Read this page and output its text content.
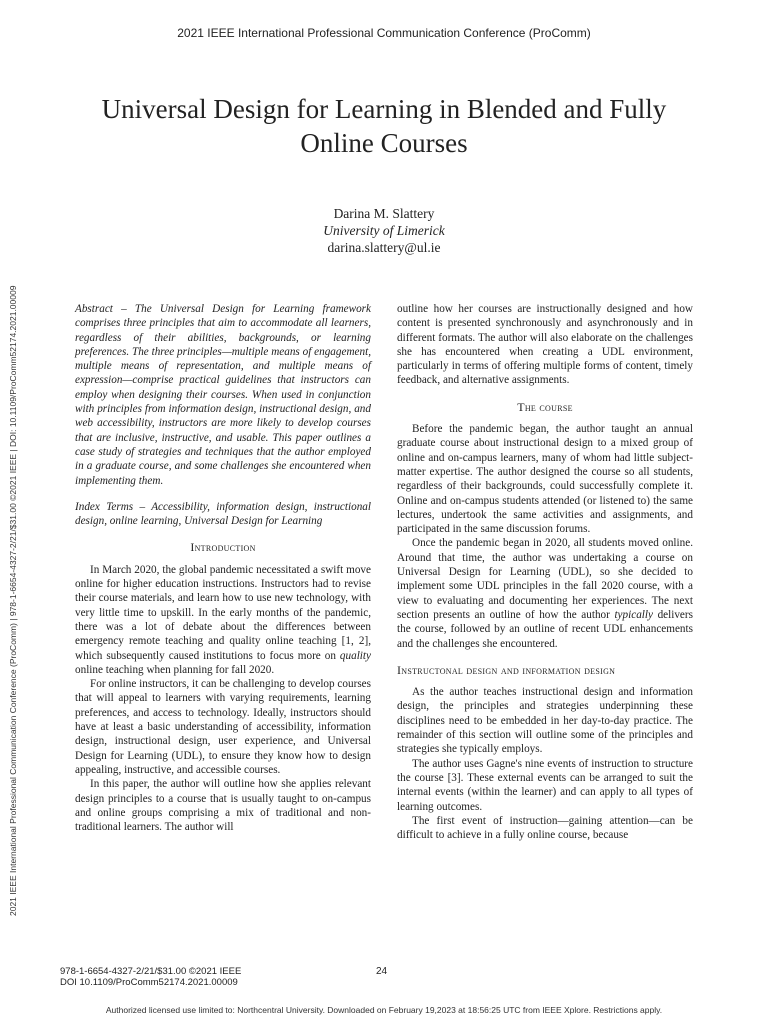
2021 IEEE International Professional Communication Conference (ProComm)
2021 IEEE International Professional Communication Conference (ProComm) | 978-1-6654-4327-2/21/$31.00 ©2021 IEEE | DOI: 10.1109/ProComm52174.2021.00009
Universal Design for Learning in Blended and Fully Online Courses
Darina M. Slattery
University of Limerick
darina.slattery@ul.ie

Abstract – The Universal Design for Learning framework comprises three principles that aim to accommodate all learners, regardless of their abilities, backgrounds, or learning preferences. The three principles—multiple means of engagement, multiple means of representation, and multiple means of expression—comprise practical guidelines that instructors can employ when designing their courses. When used in conjunction with principles from information design, instructional design, and web accessibility, instructors are more likely to develop courses that are inclusive, instructive, and usable. This paper outlines a case study of strategies and techniques that the author employed in a graduate course, and some challenges she encountered when implementing them.

Index Terms – Accessibility, information design, instructional design, online learning, Universal Design for Learning

Introduction

In March 2020, the global pandemic necessitated a swift move online for higher education instructions. Instructors had to revise their course materials, and learn how to use new technology, with very little time to upskill. In the early months of the pandemic, there was a lot of debate about the differences between emergency remote teaching and quality online teaching [1, 2], which subsequently caused institutions to focus more on quality online teaching when planning for fall 2020.

For online instructors, it can be challenging to develop courses that will appeal to learners with varying requirements, learning preferences, and access to technology. Ideally, instructors should have at least a basic understanding of accessibility, information design, instructional design, user experience, and Universal Design for Learning (UDL), to ensure they know how to design appealing, instructive, and accessible courses.

In this paper, the author will outline how she applies relevant design principles to a course that is usually taught to on-campus and online groups comprising a mix of traditional and non-traditional learners. The author will

outline how her courses are instructionally designed and how content is presented synchronously and asynchronously and in different formats. The author will also elaborate on the challenges she has encountered when creating a UDL environment, particularly in terms of offering multiple forms of content, timely feedback, and alternative assignments.

The course

Before the pandemic began, the author taught an annual graduate course about instructional design to a mixed group of online and on-campus learners, many of whom had little subject-matter expertise. The author designed the course so all students, regardless of their backgrounds, could successfully complete it. Online and on-campus students attended (or listened to) the same lectures, undertook the same activities and assignments, and participated in the same discussion forums.

Once the pandemic began in 2020, all students moved online. Around that time, the author was undertaking a course on Universal Design for Learning (UDL), so she decided to implement some UDL principles in the fall 2020 course, with a view to evaluating and documenting her experiences. The next section presents an outline of how the author typically delivers the course, followed by an outline of recent UDL enhancements and the challenges she encountered.

Instructonal design and information design

As the author teaches instructional design and information design, the principles and strategies underpinning these disciplines need to be embedded in her day-to-day practice. The remainder of this section will outline some of the principles and strategies she typically employs.

The author uses Gagne's nine events of instruction to structure the course [3]. These external events can be arranged to suit the internal events (within the learner) and can apply to all types of learning outcomes.

The first event of instruction—gaining attention—can be difficult to achieve in a fully online course, because

978-1-6654-4327-2/21/$31.00 ©2021 IEEE
DOI 10.1109/ProComm52174.2021.00009
24
Authorized licensed use limited to: Northcentral University. Downloaded on February 19,2023 at 18:56:25 UTC from IEEE Xplore. Restrictions apply.
